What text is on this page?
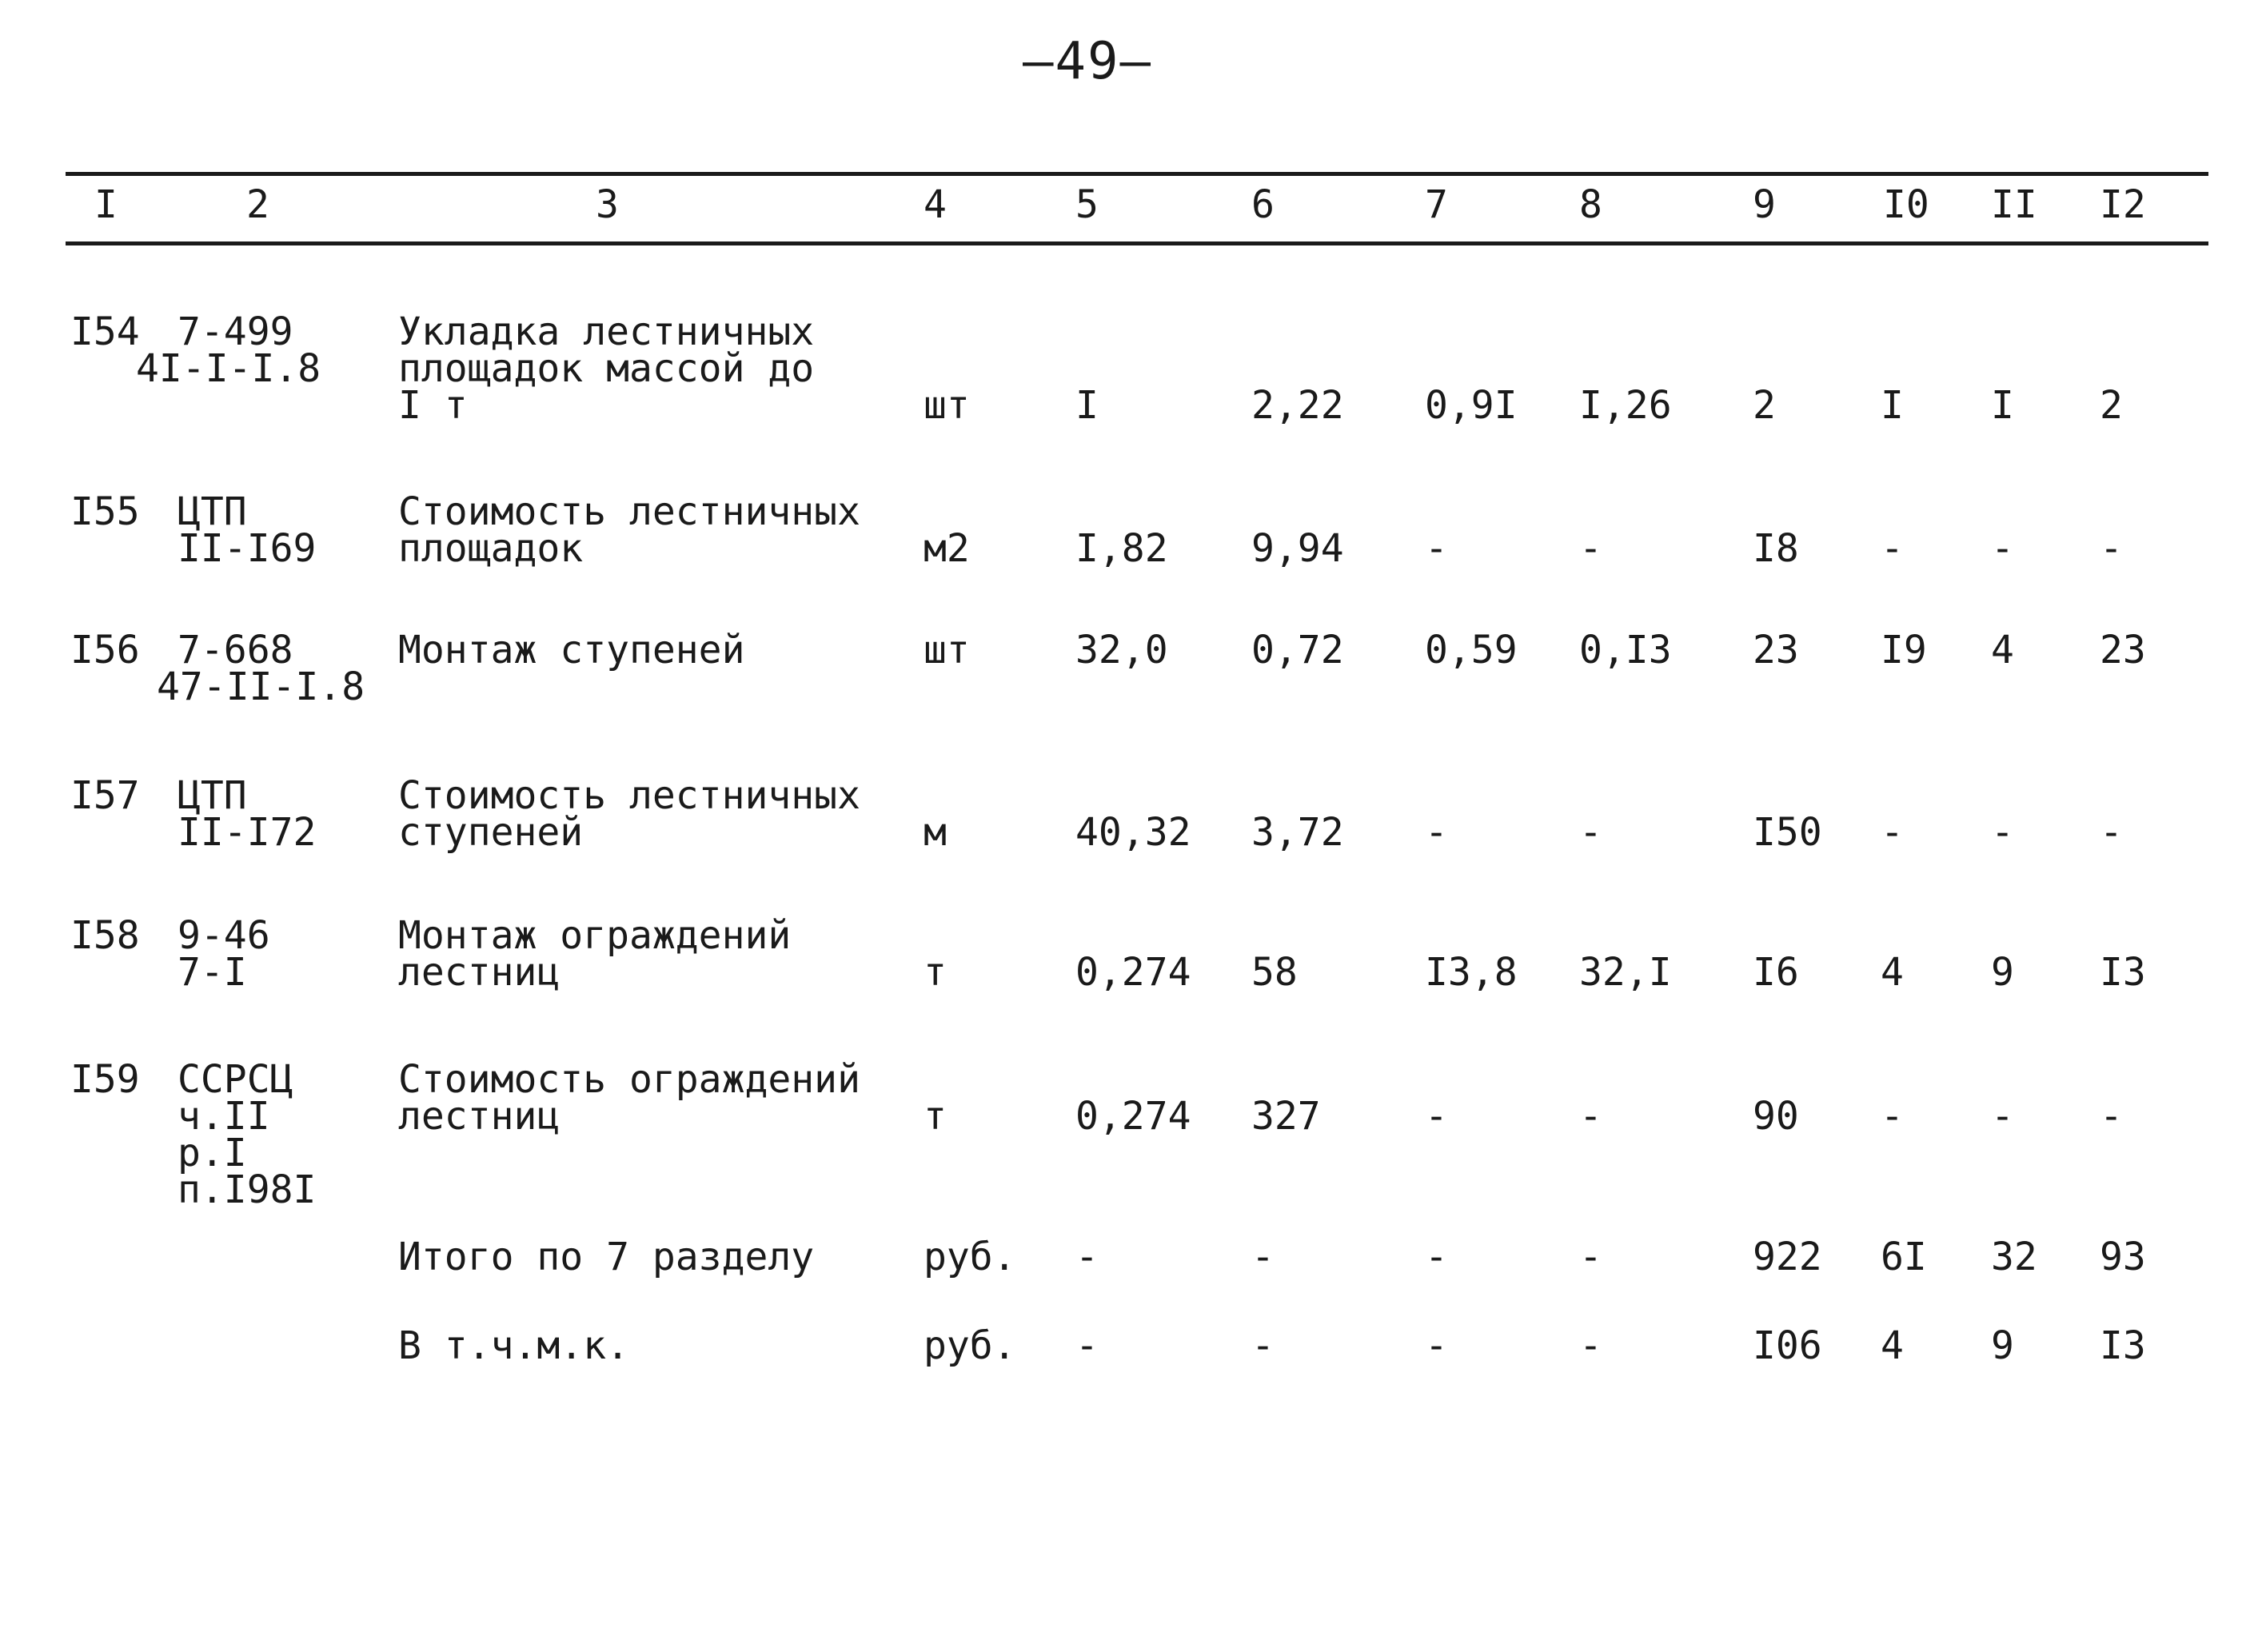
—49—
I	2	3	4	5	6	7	8	9	I0 II I2
I54 7-499
4I-I-I.8
Укладка лестничных
площадок массой до
I т	шт	I	2,22 0,9I I,26 2	I I 2
I55 ЦТП
II-I69
Стоимость лестничных
площадок	м2	I,82 9,94 -	-	I8 - - -
I56 7-668
47-II-I.8
Монтаж ступеней	шт	32,0 0,72 0,59 0,I3 23 I9 4 23
I57 ЦТП
II-I72
Стоимость лестничных
ступеней	м	40,32 3,72 -	-	I50 - - -
I58 9-46
7-I
Монтаж ограждений
лестниц	т	0,274 58	I3,8 32,I I6 4 9 I3
I59 ССРСЦ
ч.II
р.I
п.I98I
Стоимость ограждений
лестниц	т	0,274 327	-	-	90 - - -
Итого по 7 разделу	руб. -	-	-	-	922 6I 32 93
В т.ч.м.к.	руб. -	-	-	-	I06 4 9 I3
